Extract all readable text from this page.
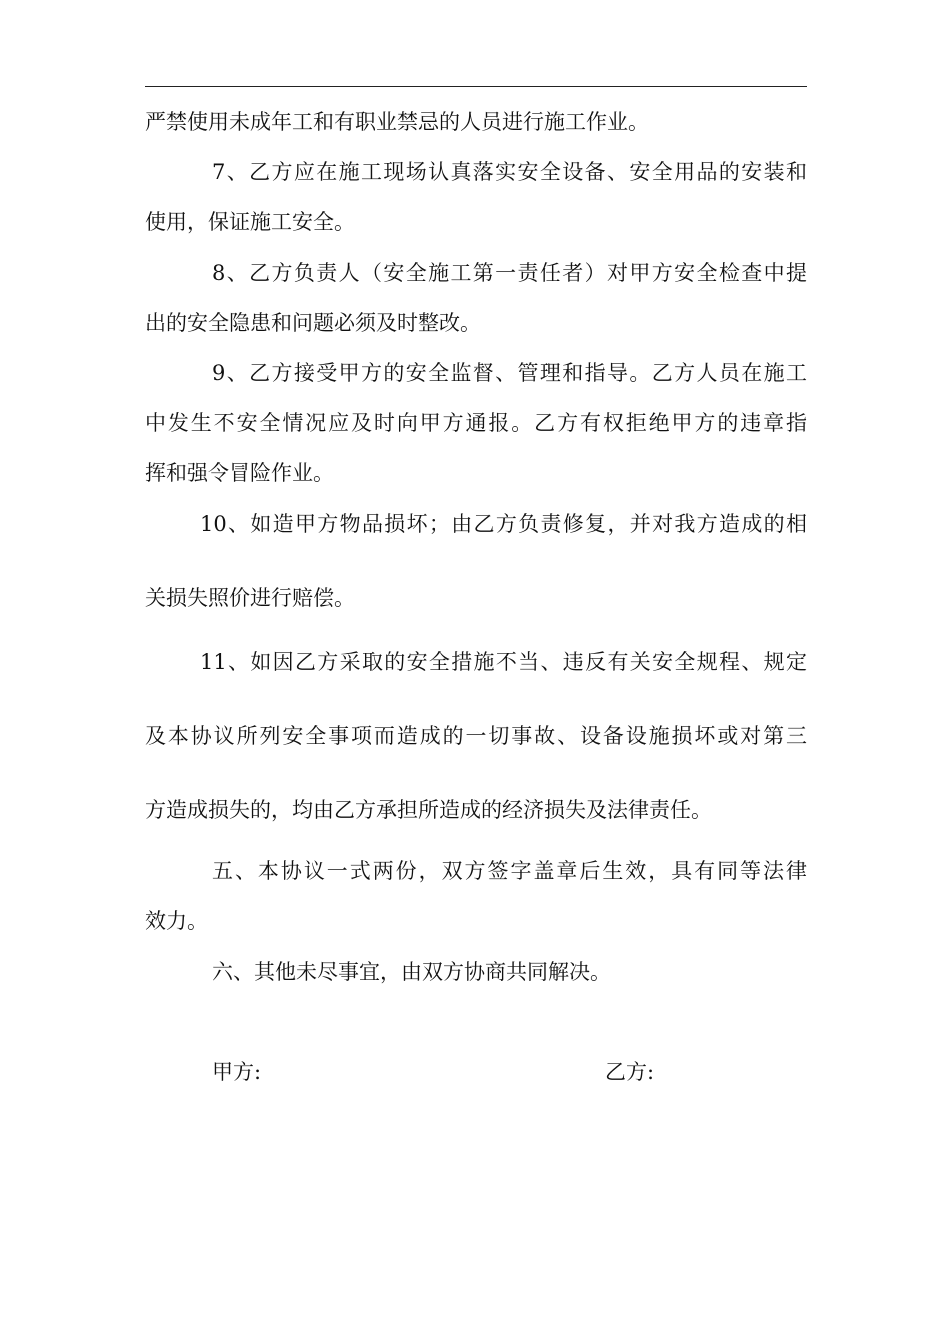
严禁使用未成年工和有职业禁忌的人员进行施工作业。
7、乙方应在施工现场认真落实安全设备、安全用品的安装和
使用，保证施工安全。
8、乙方负责人（安全施工第一责任者）对甲方安全检查中提
出的安全隐患和问题必须及时整改。
9、乙方接受甲方的安全监督、管理和指导。乙方人员在施工
中发生不安全情况应及时向甲方通报。乙方有权拒绝甲方的违章指
挥和强令冒险作业。
10、如造甲方物品损坏；由乙方负责修复，并对我方造成的相
关损失照价进行赔偿。
11、如因乙方采取的安全措施不当、违反有关安全规程、规定
及本协议所列安全事项而造成的一切事故、设备设施损坏或对第三
方造成损失的，均由乙方承担所造成的经济损失及法律责任。
五、本协议一式两份，双方签字盖章后生效，具有同等法律
效力。
六、其他未尽事宜，由双方协商共同解决。
甲方:	乙方:
